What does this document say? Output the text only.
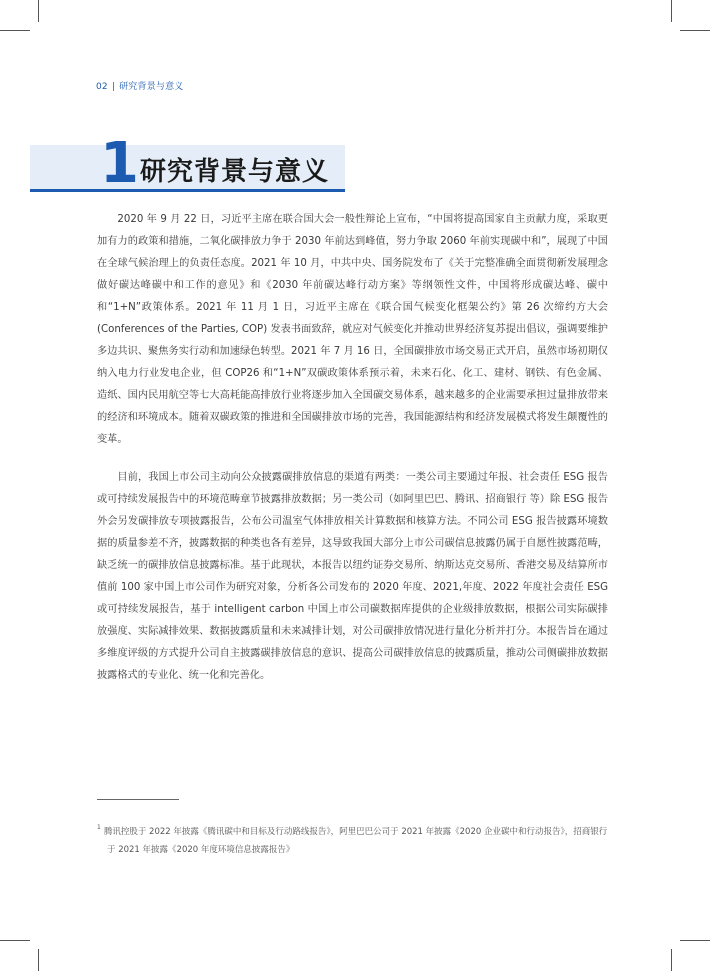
02 | 研究背景与意义
1 研究背景与意义

2020 年 9 月 22 日，习近平主席在联合国大会一般性辩论上宣布，“中国将提高国家自主贡献力度，采取更加有力的政策和措施，二氧化碳排放力争于 2030 年前达到峰值，努力争取 2060 年前实现碳中和”，展现了中国在全球气候治理上的负责任态度。2021 年 10 月，中共中央、国务院发布了《关于完整准确全面贯彻新发展理念做好碳达峰碳中和工作的意见》和《2030 年前碳达峰行动方案》等纲领性文件，中国将形成碳达峰、碳中和“1+N”政策体系。2021 年 11 月 1 日，习近平主席在《联合国气候变化框架公约》第 26 次缔约方大会 (Conferences of the Parties, COP) 发表书面致辞，就应对气候变化并推动世界经济复苏提出倡议，强调要维护多边共识、聚焦务实行动和加速绿色转型。2021 年 7 月 16 日，全国碳排放市场交易正式开启，虽然市场初期仅纳入电力行业发电企业，但 COP26 和“1+N”双碳政策体系预示着，未来石化、化工、建材、钢铁、有色金属、造纸、国内民用航空等七大高耗能高排放行业将逐步加入全国碳交易体系，越来越多的企业需要承担过量排放带来的经济和环境成本。随着双碳政策的推进和全国碳排放市场的完善，我国能源结构和经济发展模式将发生颠覆性的变革。

目前，我国上市公司主动向公众披露碳排放信息的渠道有两类：一类公司主要通过年报、社会责任 ESG 报告或可持续发展报告中的环境范畴章节披露排放数据；另一类公司（如阿里巴巴、腾讯、招商银行 等）除 ESG 报告外会另发碳排放专项披露报告，公布公司温室气体排放相关计算数据和核算方法。不同公司 ESG 报告披露环境数据的质量参差不齐，披露数据的种类也各有差异，这导致我国大部分上市公司碳信息披露仍属于自愿性披露范畴，缺乏统一的碳排放信息披露标准。基于此现状，本报告以纽约证券交易所、纳斯达克交易所、香港交易及结算所市值前 100 家中国上市公司作为研究对象，分析各公司发布的 2020 年度、2021,年度、2022 年度社会责任 ESG 或可持续发展报告，基于 intelligent carbon 中国上市公司碳数据库提供的企业级排放数据，根据公司实际碳排放强度、实际减排效果、数据披露质量和未来减排计划，对公司碳排放情况进行量化分析并打分。本报告旨在通过多维度评级的方式提升公司自主披露碳排放信息的意识、提高公司碳排放信息的披露质量，推动公司侧碳排放数据披露格式的专业化、统一化和完善化。

$^1$ 腾讯控股于 2022 年披露《腾讯碳中和目标及行动路线报告》，阿里巴巴公司于 2021 年披露《2020 企业碳中和行动报告》，招商银行于 2021 年披露《2020 年度环境信息披露报告》
